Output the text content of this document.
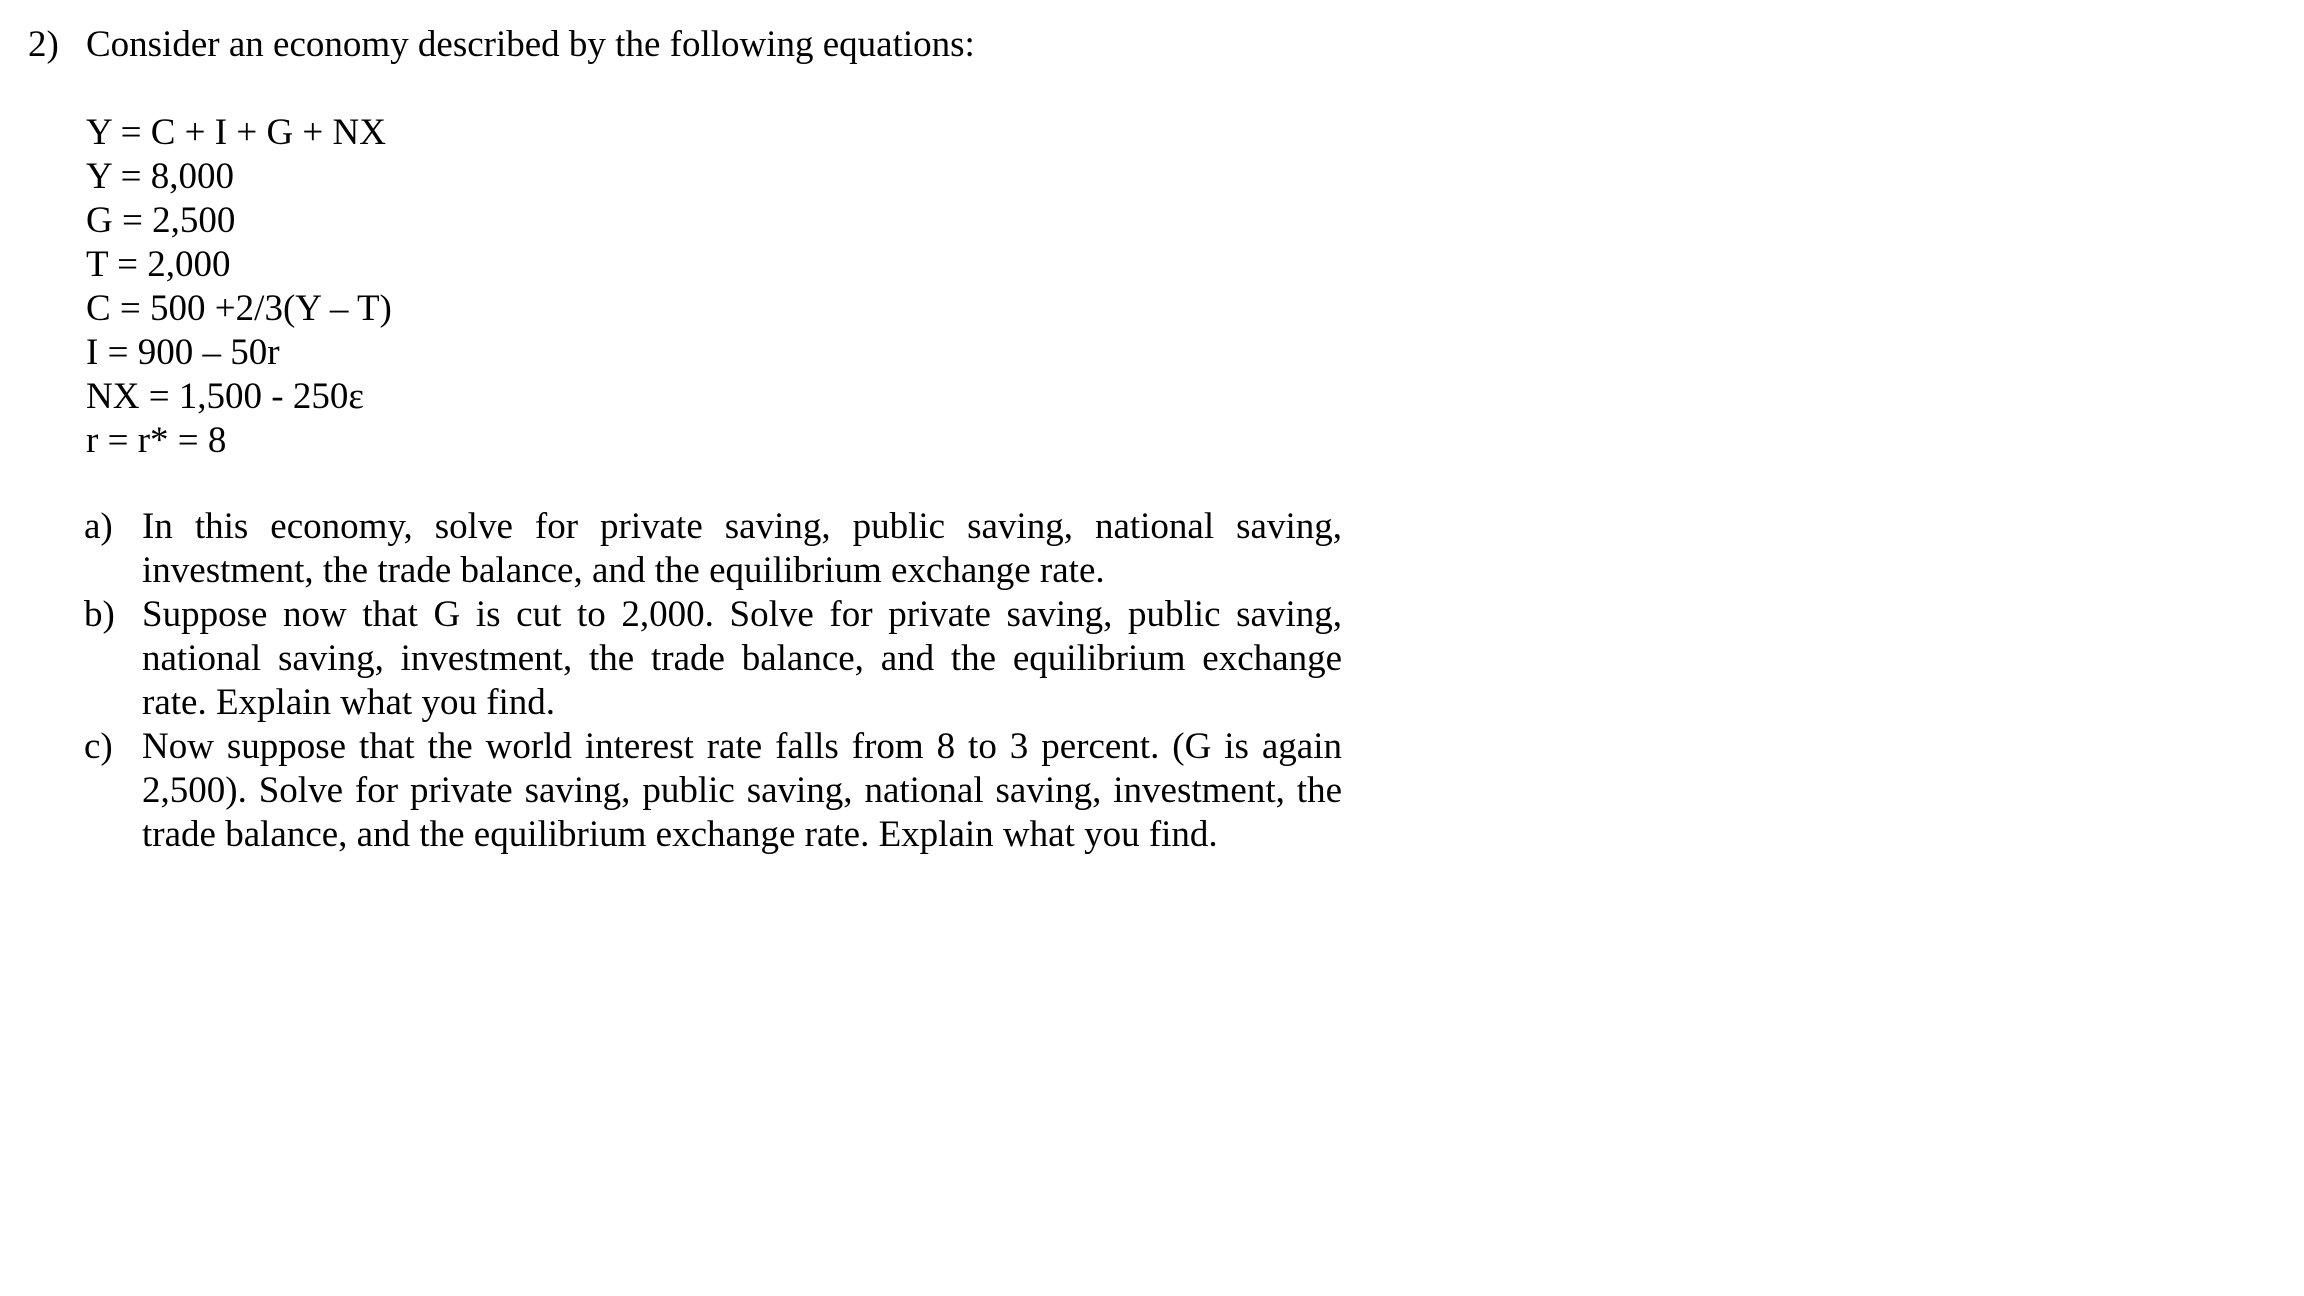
2) Consider an economy described by the following equations:
Y = C + I + G + NX
Y = 8,000
G = 2,500
T = 2,000
C = 500 +2/3(Y – T)
I = 900 – 50r
NX = 1,500 - 250ε
r = r* = 8
a) In this economy, solve for private saving, public saving, national saving, investment, the trade balance, and the equilibrium exchange rate.
b) Suppose now that G is cut to 2,000. Solve for private saving, public saving, national saving, investment, the trade balance, and the equilibrium exchange rate. Explain what you find.
c) Now suppose that the world interest rate falls from 8 to 3 percent. (G is again 2,500). Solve for private saving, public saving, national saving, investment, the trade balance, and the equilibrium exchange rate. Explain what you find.
